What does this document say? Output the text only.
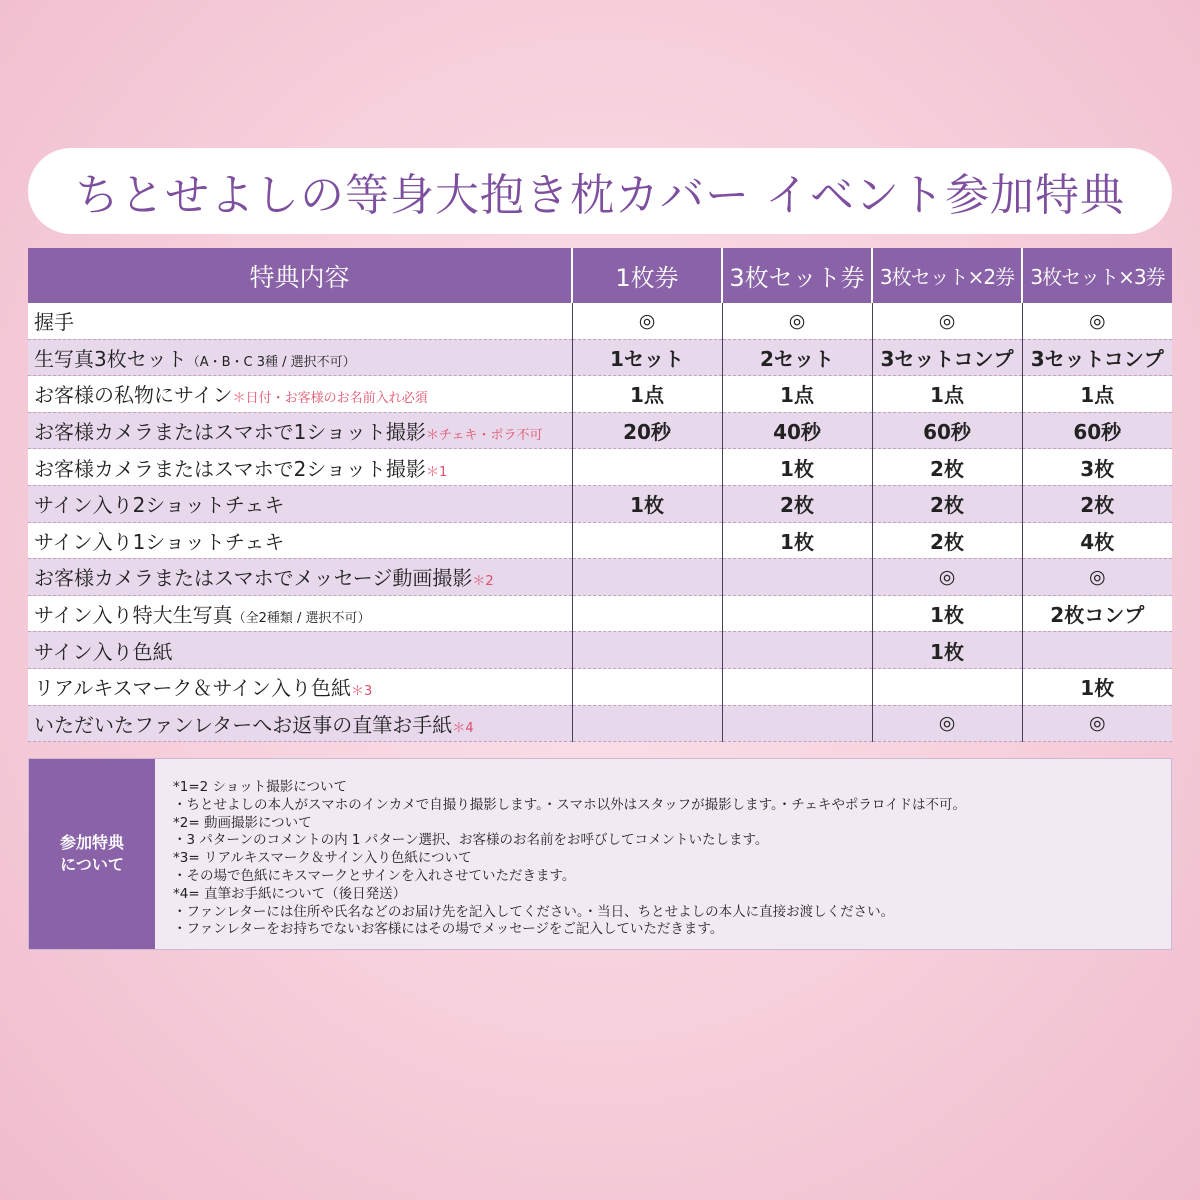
ちとせよしの等身大抱き枕カバー イベント参加特典
特典内容	1枚券	3枚セット券	3枚セット×2券	3枚セット×3券
握手	◎	◎	◎	◎
生写真3枚セット（A・B・C 3種 / 選択不可）	1セット	2セット	3セットコンプ	3セットコンプ
お客様の私物にサイン＊日付・お客様のお名前入れ必須	1点	1点	1点	1点
お客様カメラまたはスマホで1ショット撮影＊チェキ・ポラ不可	20秒	40秒	60秒	60秒
お客様カメラまたはスマホで2ショット撮影＊1		1枚	2枚	3枚
サイン入り2ショットチェキ	1枚	2枚	2枚	2枚
サイン入り1ショットチェキ		1枚	2枚	4枚
お客様カメラまたはスマホでメッセージ動画撮影＊2			◎	◎
サイン入り特大生写真（全2種類 / 選択不可）			1枚	2枚コンプ
サイン入り色紙			1枚	
リアルキスマーク＆サイン入り色紙＊3				1枚
いただいたファンレターへお返事の直筆お手紙＊4			◎	◎
参加特典
について
*1=2 ショット撮影について
・ちとせよしの本人がスマホのインカメで自撮り撮影します。・スマホ以外はスタッフが撮影します。・チェキやポラロイドは不可。
*2= 動画撮影について
・3 パターンのコメントの内 1 パターン選択、お客様のお名前をお呼びしてコメントいたします。
*3= リアルキスマーク＆サイン入り色紙について
・その場で色紙にキスマークとサインを入れさせていただきます。
*4= 直筆お手紙について（後日発送）
・ファンレターには住所や氏名などのお届け先を記入してください。・当日、ちとせよしの本人に直接お渡しください。
・ファンレターをお持ちでないお客様にはその場でメッセージをご記入していただきます。
